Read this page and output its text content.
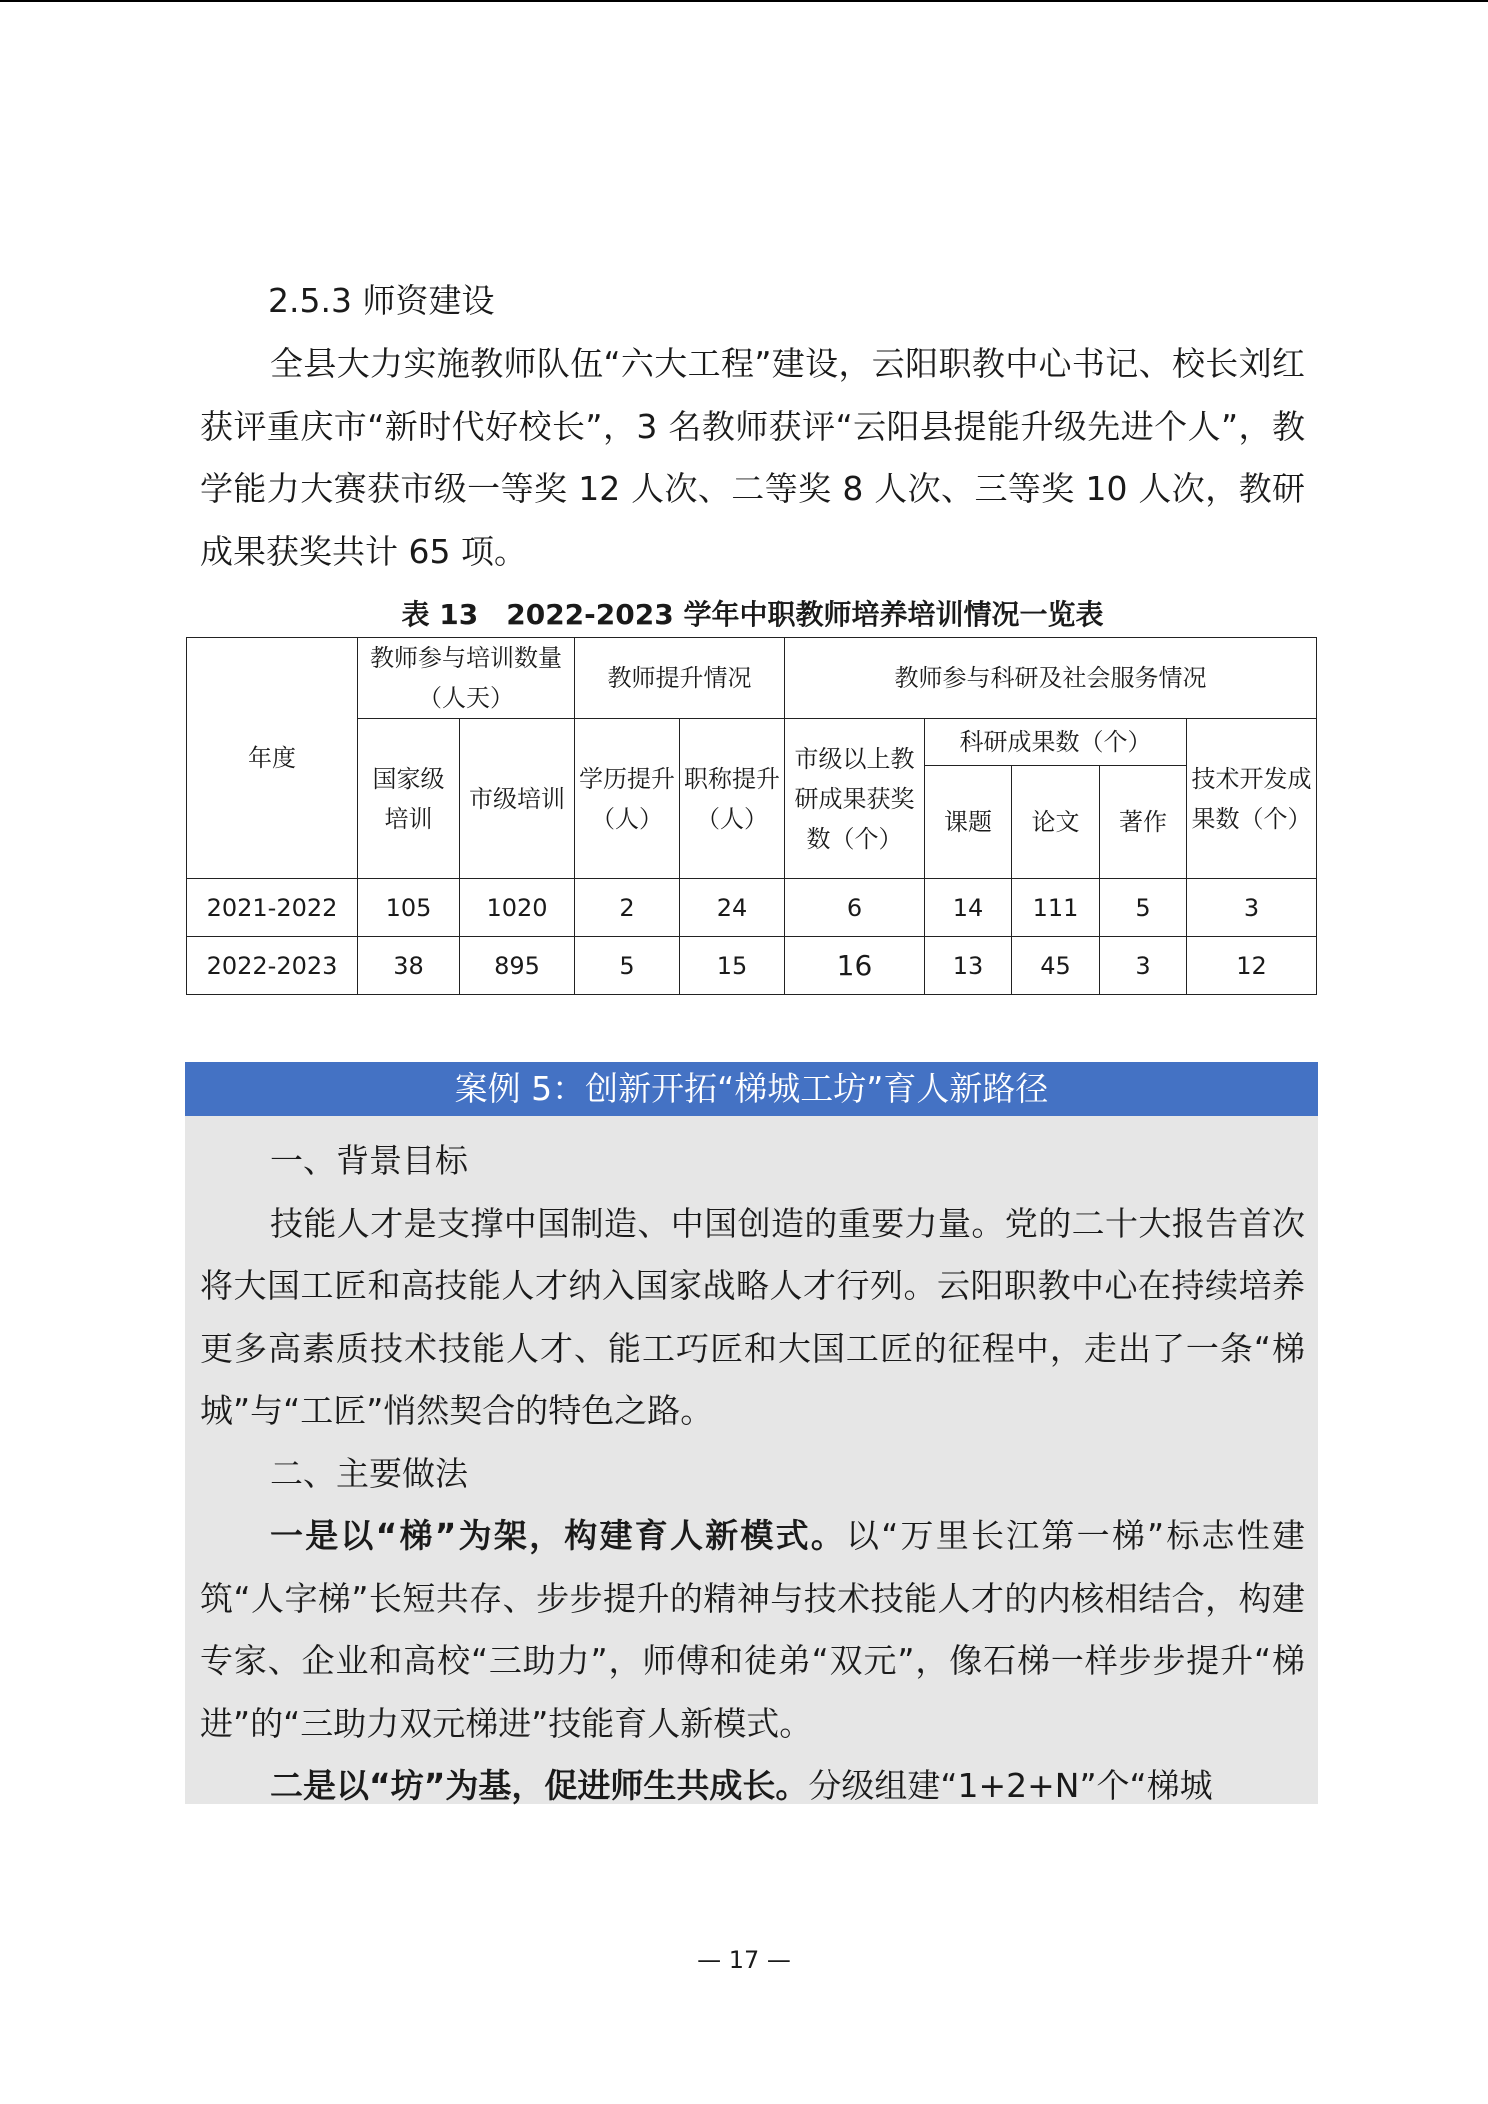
2.5.3 师资建设
全县大力实施教师队伍“六大工程”建设，云阳职教中心书记、校长刘红获评重庆市“新时代好校长”，3 名教师获评“云阳县提能升级先进个人”，教学能力大赛获市级一等奖 12 人次、二等奖 8 人次、三等奖 10 人次，教研成果获奖共计 65 项。
表 13　2022-2023 学年中职教师培养培训情况一览表
年度	教师参与培训数量（人天）		教师提升情况		教师参与科研及社会服务情况				
	国家级培训	市级培训	学历提升（人）	职称提升（人）	市级以上教研成果获奖数（个）	科研成果数（个）			技术开发成果数（个）
						课题	论文	著作	
2021-2022	105	1020	2	24	6	14	111	5	3
2022-2023	38	895	5	15	16	13	45	3	12
案例 5：创新开拓“梯城工坊”育人新路径

一、背景目标

技能人才是支撑中国制造、中国创造的重要力量。党的二十大报告首次将大国工匠和高技能人才纳入国家战略人才行列。云阳职教中心在持续培养更多高素质技术技能人才、能工巧匠和大国工匠的征程中，走出了一条“梯城”与“工匠”悄然契合的特色之路。

二、主要做法

一是以“梯”为架，构建育人新模式。以“万里长江第一梯”标志性建筑“人字梯”长短共存、步步提升的精神与技术技能人才的内核相结合，构建专家、企业和高校“三助力”，师傅和徒弟“双元”，像石梯一样步步提升“梯进”的“三助力双元梯进”技能育人新模式。

二是以“坊”为基，促进师生共成长。分级组建“1+2+N”个“梯城

— 17 —
